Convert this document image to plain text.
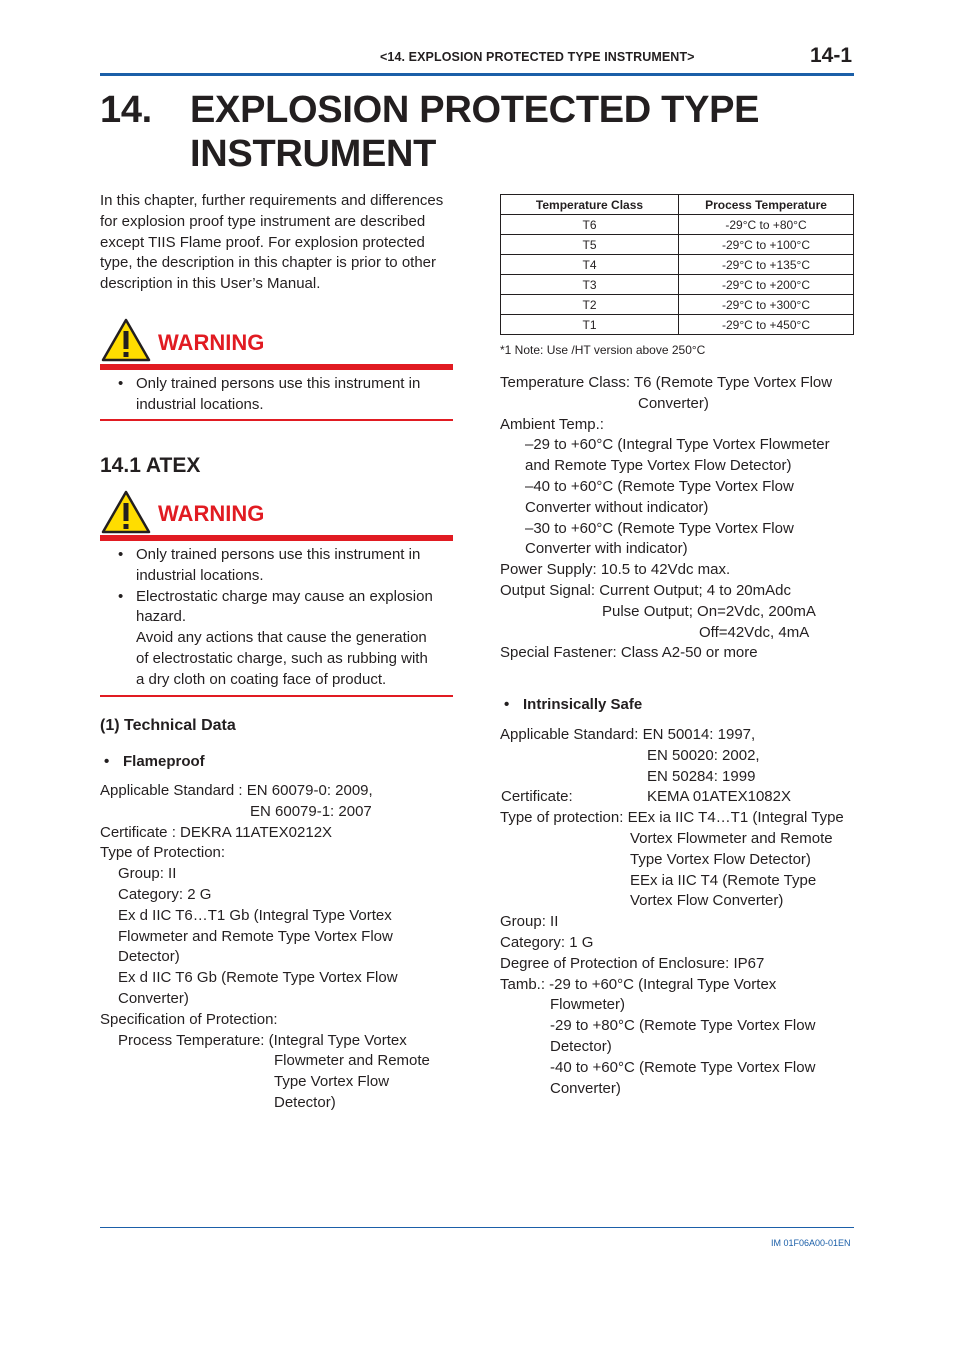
<14. EXPLOSION PROTECTED TYPE INSTRUMENT>	14-1
14. EXPLOSION PROTECTED TYPE
INSTRUMENT
In this chapter, further requirements and differences
for explosion proof type instrument are described
except TIIS Flame proof. For explosion protected
type, the description in this chapter is prior to other
description in this User’s Manual.
WARNING
• Only trained persons use this instrument in
industrial locations.
14.1 ATEX
WARNING
• Only trained persons use this instrument in
industrial locations.
• Electrostatic charge may cause an explosion
hazard.
Avoid any actions that cause the generation
of electrostatic charge, such as rubbing with
a dry cloth on coating face of product.
(1) Technical Data
• Flameproof
Applicable Standard : EN 60079-0: 2009,
EN 60079-1: 2007
Certificate : DEKRA 11ATEX0212X
Type of Protection:
Group: II
Category: 2 G
Ex d IIC T6…T1 Gb (Integral Type Vortex
Flowmeter and Remote Type Vortex Flow
Detector)
Ex d IIC T6 Gb (Remote Type Vortex Flow
Converter)
Specification of Protection:
Process Temperature: (Integral Type Vortex
Flowmeter and Remote
Type Vortex Flow
Detector)
Temperature Class	Process Temperature
T6	-29°C to +80°C
T5	-29°C to +100°C
T4	-29°C to +135°C
T3	-29°C to +200°C
T2	-29°C to +300°C
T1	-29°C to +450°C
*1 Note: Use /HT version above 250°C
Temperature Class: T6 (Remote Type Vortex Flow
Converter)
Ambient Temp.:
–29 to +60°C (Integral Type Vortex Flowmeter
and Remote Type Vortex Flow Detector)
–40 to +60°C (Remote Type Vortex Flow
Converter without indicator)
–30 to +60°C (Remote Type Vortex Flow
Converter with indicator)
Power Supply: 10.5 to 42Vdc max.
Output Signal: Current Output; 4 to 20mAdc
Pulse Output; On=2Vdc, 200mA
Off=42Vdc, 4mA
Special Fastener: Class A2-50 or more
• Intrinsically Safe
Applicable Standard: EN 50014: 1997,
EN 50020: 2002,
EN 50284: 1999
Certificate:	KEMA 01ATEX1082X
Type of protection: EEx ia IIC T4…T1 (Integral Type
Vortex Flowmeter and Remote
Type Vortex Flow Detector)
EEx ia IIC T4 (Remote Type
Vortex Flow Converter)
Group: II
Category: 1 G
Degree of Protection of Enclosure: IP67
Tamb.: -29 to +60°C (Integral Type Vortex
Flowmeter)
-29 to +80°C (Remote Type Vortex Flow
Detector)
-40 to +60°C (Remote Type Vortex Flow
Converter)
IM 01F06A00-01EN
